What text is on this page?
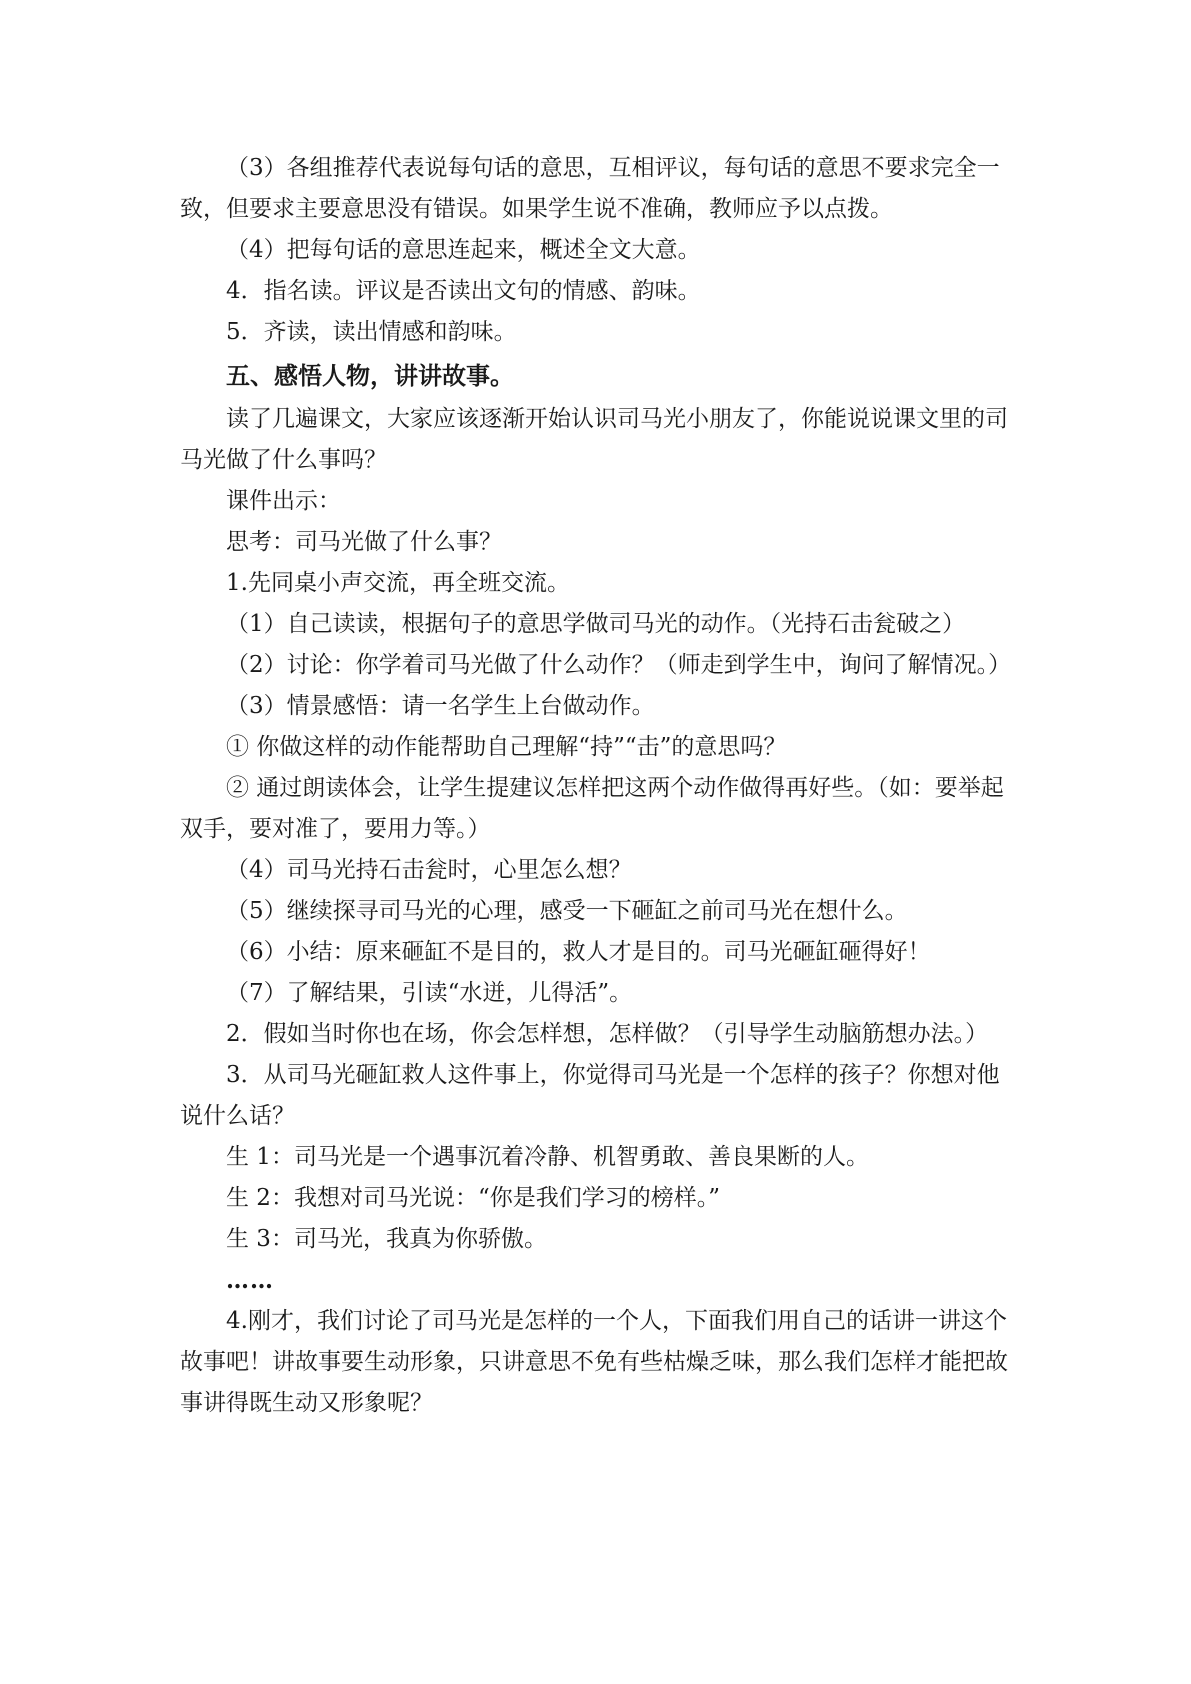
（3）各组推荐代表说每句话的意思，互相评议，每句话的意思不要求完全一致，但要求主要意思没有错误。如果学生说不准确，教师应予以点拨。

（4）把每句话的意思连起来，概述全文大意。

4．指名读。评议是否读出文句的情感、韵味。

5．齐读，读出情感和韵味。

五、感悟人物，讲讲故事。

读了几遍课文，大家应该逐渐开始认识司马光小朋友了，你能说说课文里的司马光做了什么事吗？

课件出示：

思考：司马光做了什么事？

1.先同桌小声交流，再全班交流。

（1）自己读读，根据句子的意思学做司马光的动作。（光持石击瓮破之）

（2）讨论：你学着司马光做了什么动作？（师走到学生中，询问了解情况。）

（3）情景感悟：请一名学生上台做动作。

① 你做这样的动作能帮助自己理解“持”“击”的意思吗？

② 通过朗读体会，让学生提建议怎样把这两个动作做得再好些。（如：要举起双手，要对准了，要用力等。）

（4）司马光持石击瓮时，心里怎么想？

（5）继续探寻司马光的心理，感受一下砸缸之前司马光在想什么。

（6）小结：原来砸缸不是目的，救人才是目的。司马光砸缸砸得好！

（7）了解结果，引读“水迸，儿得活”。

2．假如当时你也在场，你会怎样想，怎样做？（引导学生动脑筋想办法。）

3．从司马光砸缸救人这件事上，你觉得司马光是一个怎样的孩子？你想对他说什么话？

生 1：司马光是一个遇事沉着冷静、机智勇敢、善良果断的人。

生 2：我想对司马光说：“你是我们学习的榜样。”

生 3：司马光，我真为你骄傲。

……

4.刚才，我们讨论了司马光是怎样的一个人，下面我们用自己的话讲一讲这个故事吧！讲故事要生动形象，只讲意思不免有些枯燥乏味，那么我们怎样才能把故事讲得既生动又形象呢？
